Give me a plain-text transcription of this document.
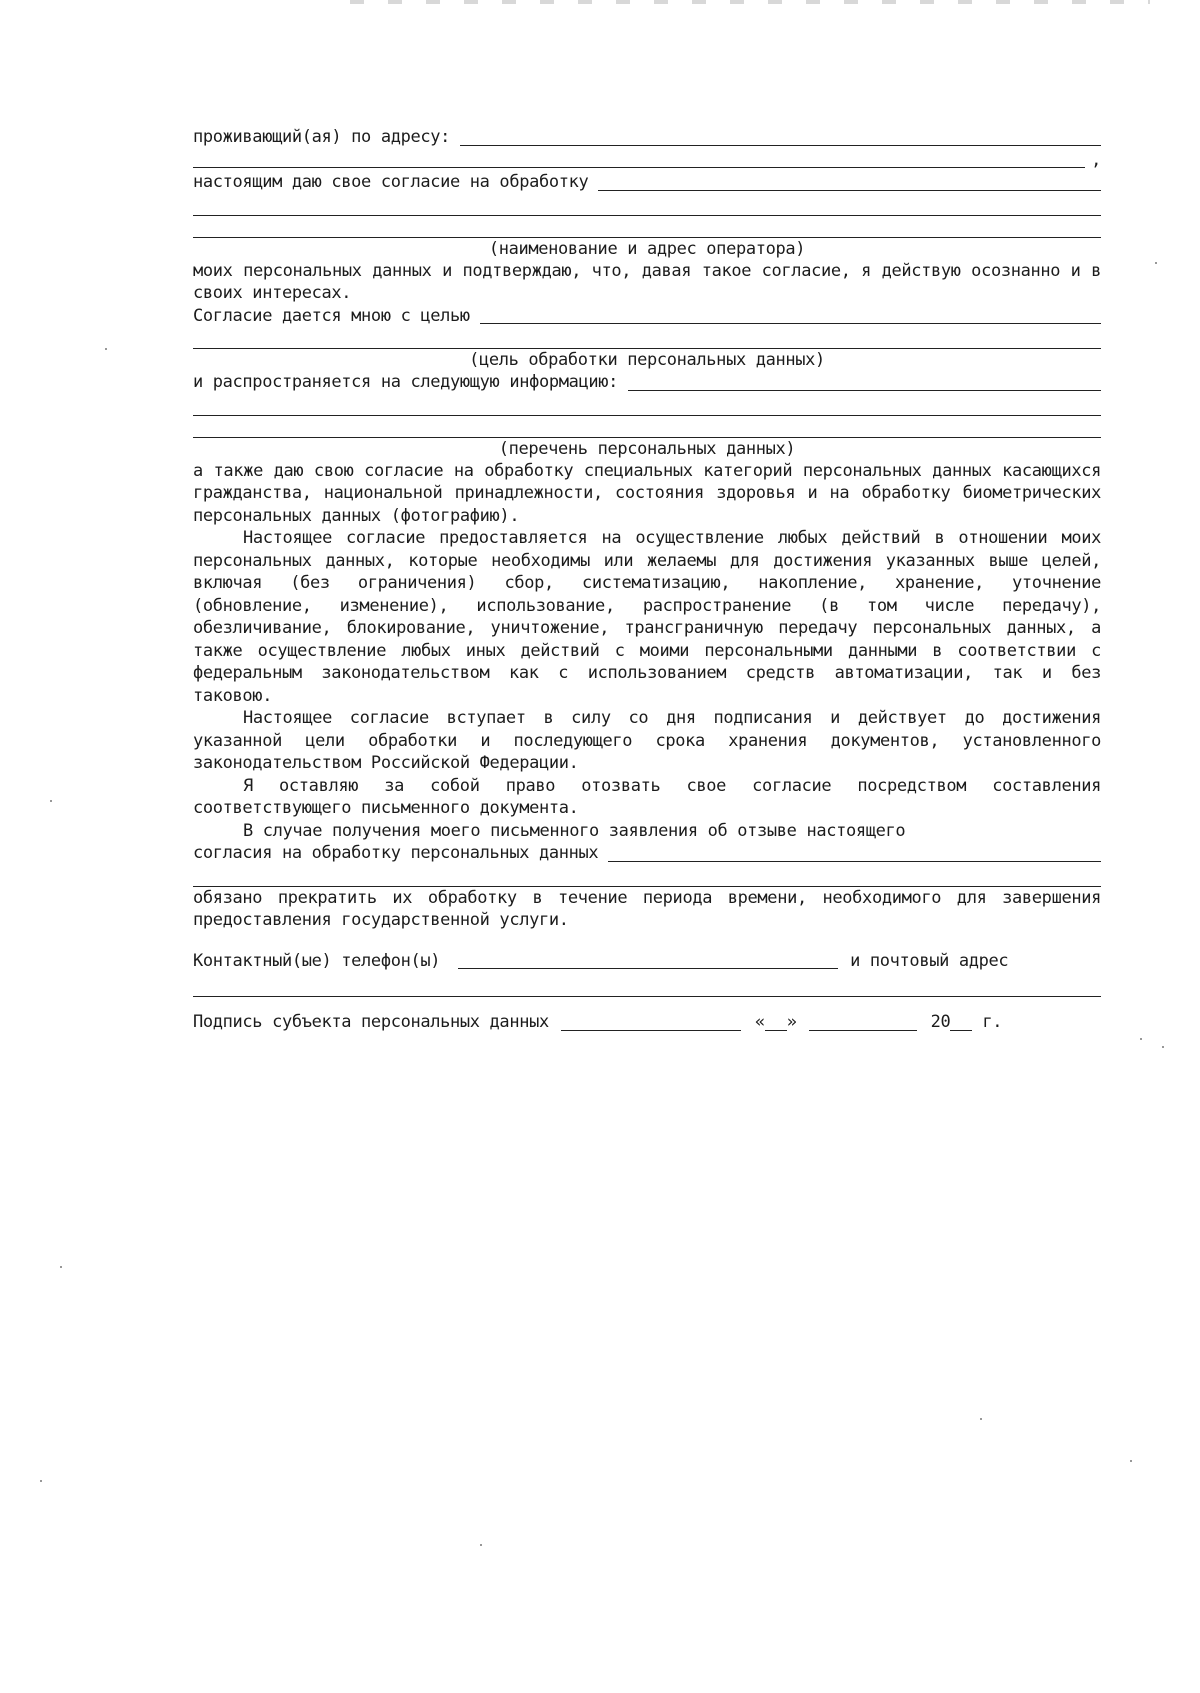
проживающий(ая) по адресу:
,
настоящим даю свое согласие на обработку
(наименование и адрес оператора)

моих персональных данных и подтверждаю, что, давая такое согласие, я действую осознанно и в своих интересах.

Согласие дается мною с целью
(цель обработки персональных данных)
и распространяется на следующую информацию:
(перечень персональных данных)

а также даю свою согласие на обработку специальных категорий персональных данных касающихся гражданства, национальной принадлежности, состояния здоровья и на обработку биометрических персональных данных (фотографию).

Настоящее согласие предоставляется на осуществление любых действий в отношении моих персональных данных, которые необходимы или желаемы для достижения указанных выше целей, включая (без ограничения) сбор, систематизацию, накопление, хранение, уточнение (обновление, изменение), использование, распространение (в том числе передачу), обезличивание, блокирование, уничтожение, трансграничную передачу персональных данных, а также осуществление любых иных действий с моими персональными данными в соответствии с федеральным законодательством как с использованием средств автоматизации, так и без таковою.

Настоящее согласие вступает в силу со дня подписания и действует до достижения указанной цели обработки и последующего срока хранения документов, установленного законодательством Российской Федерации.

Я оставляю за собой право отозвать свое согласие посредством составления соответствующего письменного документа.

В случае получения моего письменного заявления об отзыве настоящего
согласия на обработку персональных данных

обязано прекратить их обработку в течение периода времени, необходимого для завершения предоставления государственной услуги.

Контактный(ые) телефон(ы)	и почтовый адрес
Подпись субъекта персональных данных	« »	20 г.
